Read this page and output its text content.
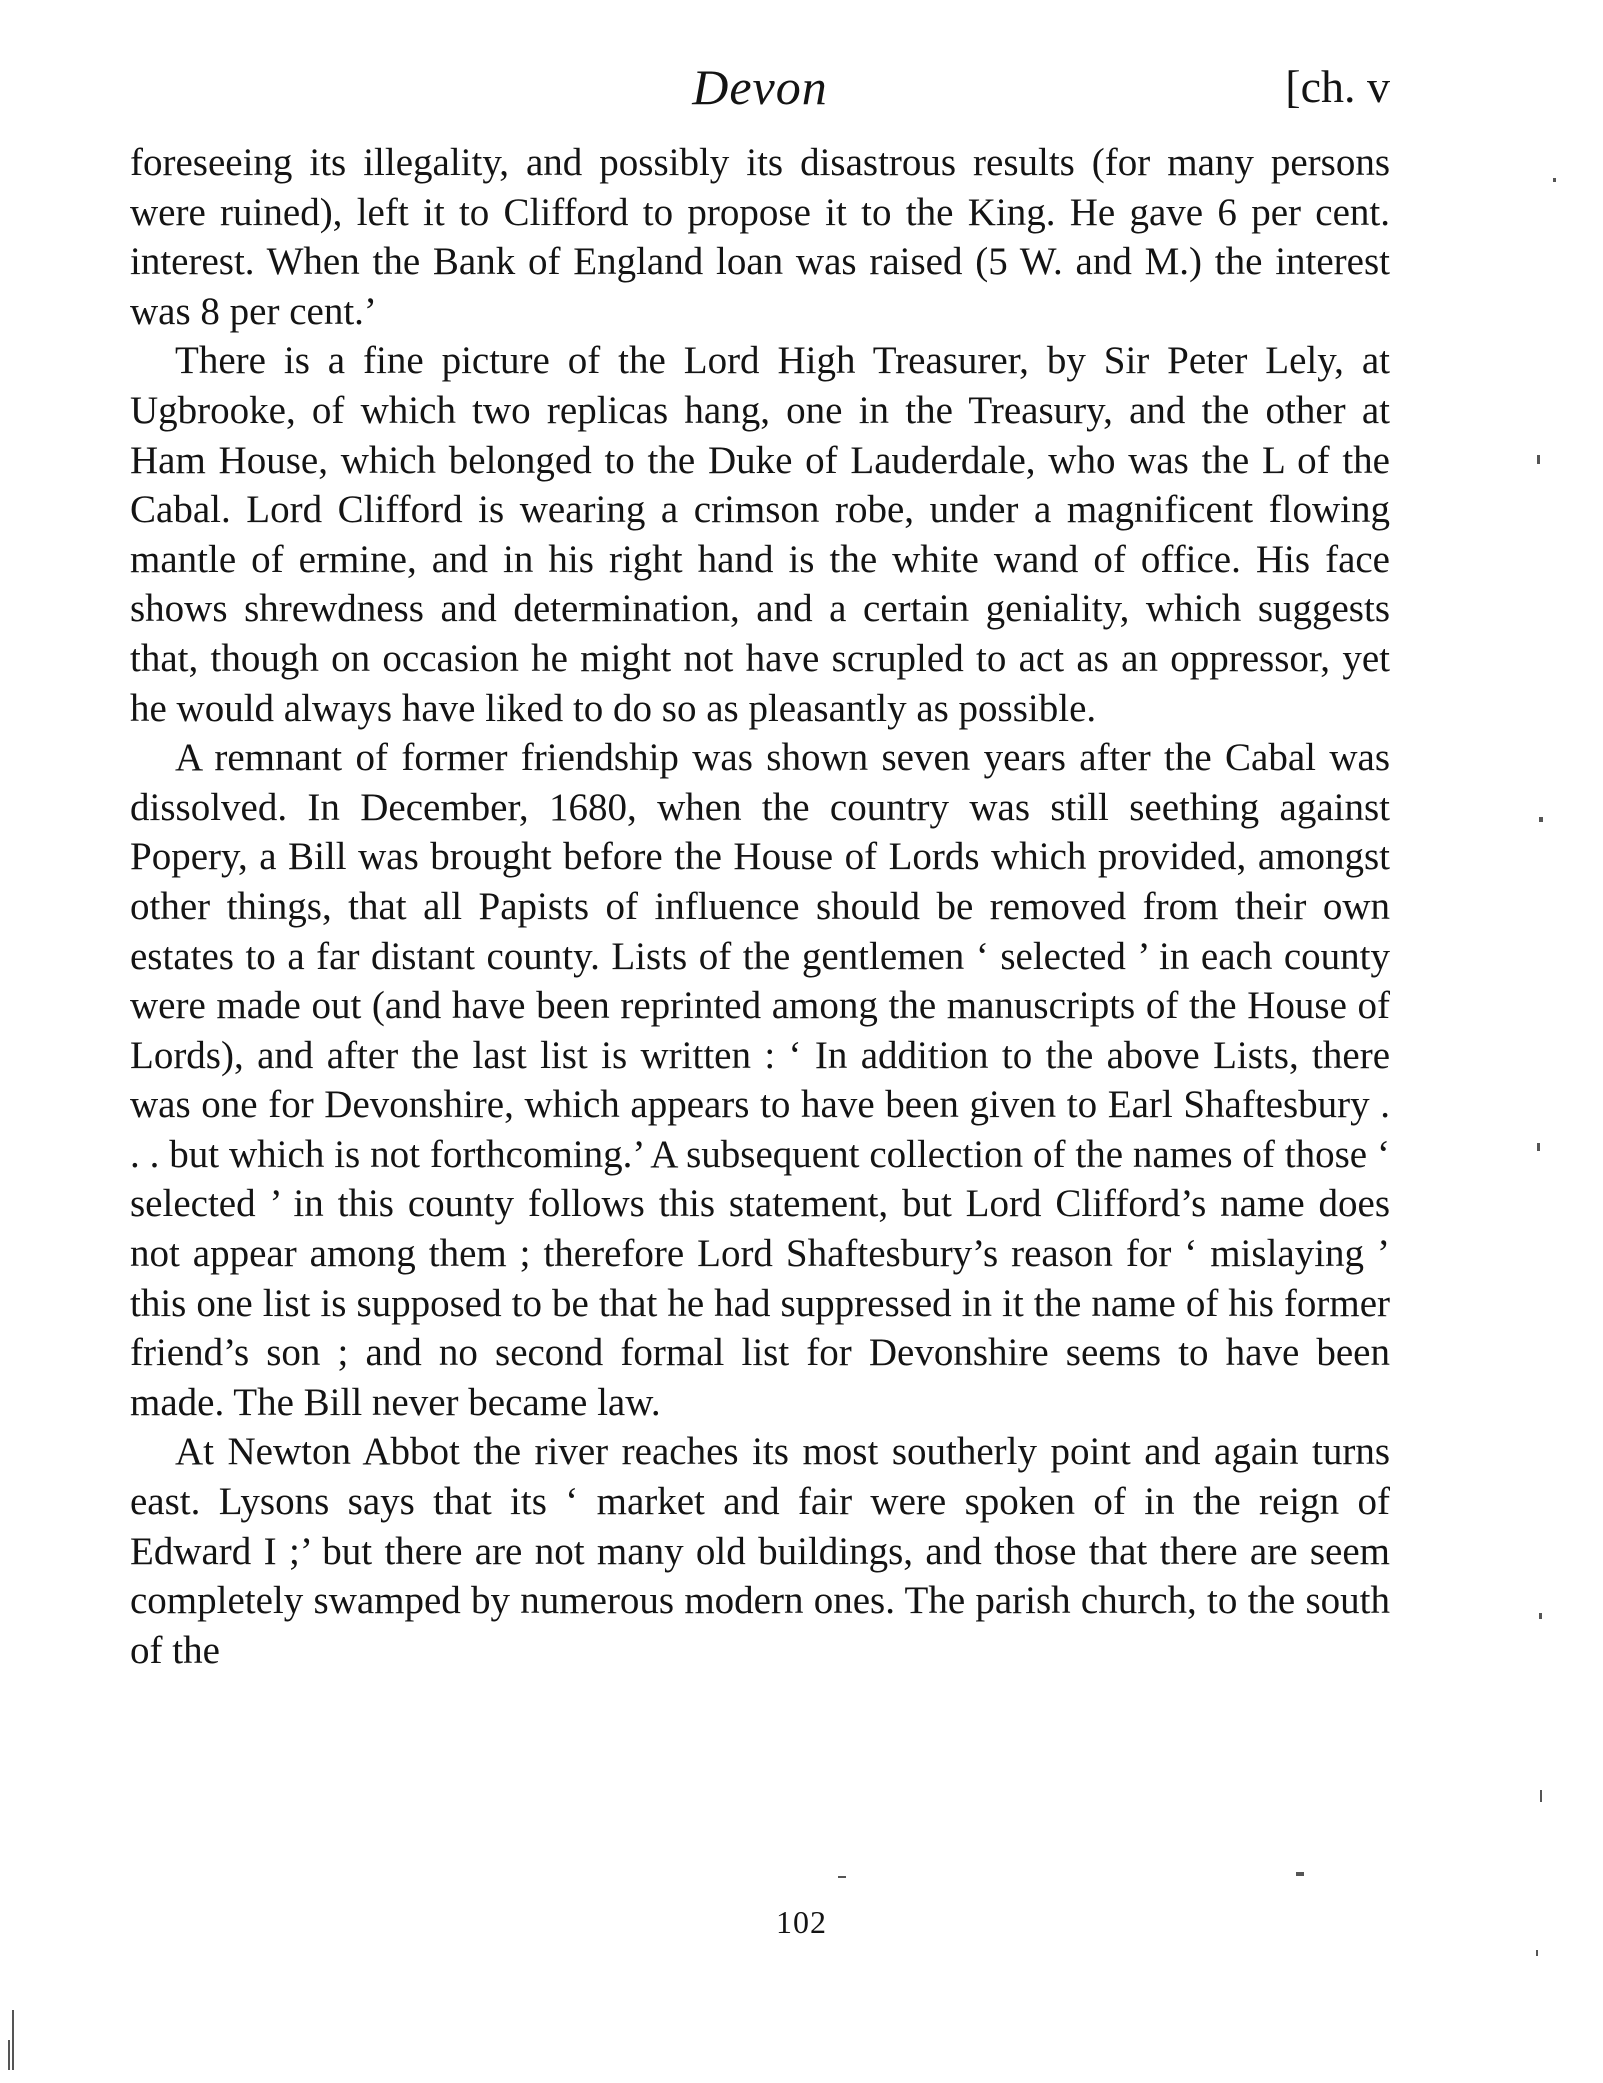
Devon	[ch. v

foreseeing its illegality, and possibly its disastrous results (for many persons were ruined), left it to Clifford to propose it to the King. He gave 6 per cent. interest. When the Bank of England loan was raised (5 W. and M.) the interest was 8 per cent.’

There is a fine picture of the Lord High Treasurer, by Sir Peter Lely, at Ugbrooke, of which two replicas hang, one in the Treasury, and the other at Ham House, which belonged to the Duke of Lauderdale, who was the L of the Cabal. Lord Clifford is wearing a crimson robe, under a magnificent flowing mantle of ermine, and in his right hand is the white wand of office. His face shows shrewdness and determination, and a certain geniality, which suggests that, though on occasion he might not have scrupled to act as an oppressor, yet he would always have liked to do so as pleasantly as possible.

A remnant of former friendship was shown seven years after the Cabal was dissolved. In December, 1680, when the country was still seething against Popery, a Bill was brought before the House of Lords which provided, amongst other things, that all Papists of influence should be removed from their own estates to a far distant county. Lists of the gentlemen ‘ selected ’ in each county were made out (and have been reprinted among the manuscripts of the House of Lords), and after the last list is written : ‘ In addition to the above Lists, there was one for Devonshire, which appears to have been given to Earl Shaftesbury . . . but which is not forthcoming.’ A subsequent collection of the names of those ‘ selected ’ in this county follows this statement, but Lord Clifford’s name does not appear among them ; therefore Lord Shaftesbury’s reason for ‘ mislaying ’ this one list is supposed to be that he had suppressed in it the name of his former friend’s son ; and no second formal list for Devonshire seems to have been made. The Bill never became law.

At Newton Abbot the river reaches its most southerly point and again turns east. Lysons says that its ‘ market and fair were spoken of in the reign of Edward I ;’ but there are not many old buildings, and those that there are seem completely swamped by numerous modern ones. The parish church, to the south of the

102
